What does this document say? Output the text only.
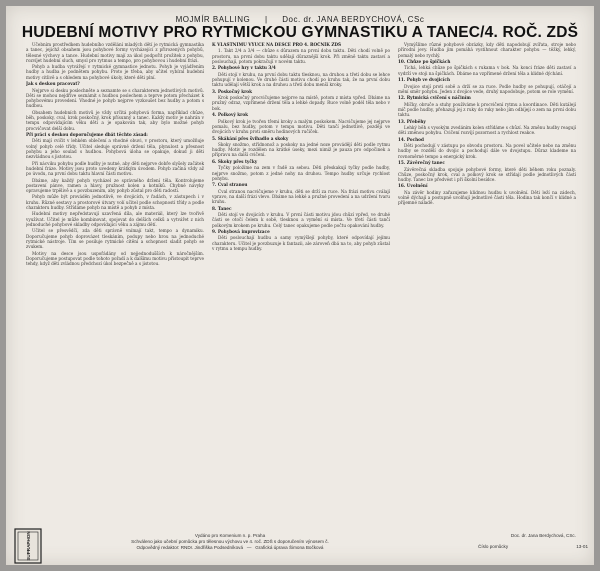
MOJMÍR BALLING | Doc. dr. JANA BERDYCHOVÁ, CSc
HUDEBNÍ MOTIVY PRO RYTMICKOU GYMNASTIKU A TANEC/4. ROČ. ZDŠ

Učebním prostředkem hudebního vzdělání mladých dětí je rytmická gymnastika a tanec, jejichž obsahem jsou pohybové formy vycházející z přirozených pohybů, tělesné výchovy a tance. Hudební motivy mají za úkol podpořit prožitek z pohybu, rozvíjet hudební sluch, smysl pro rytmus a tempo, pro pohybovou i hudební frázi.

Pohyb a hudba vytvářejí v rytmické gymnastice jednotu. Pohyb je vyjádřením hudby a hudba je podnětem pohybu. Proto je třeba, aby učitel vybíral hudební motivy citlivě a s ohledem na pohybové úkoly, které děti plní.

Jak s deskou pracovat?

Nejprve si desku poslechněte a seznamte se s charakterem jednotlivých motivů. Děti se mohou nejdříve seznámit s hudbou poslechem a teprve potom přecházet k pohybovému provedení. Vhodné je pohyb nejprve vyzkoušet bez hudby a potom s hudbou.

Obsahem hudebních motivů je vždy určitá pohybová forma, například chůze, běh, poskoky, cval, krok poskočný, krok přísunný a tanec. Každý motiv je nahrán v tempu odpovídajícím věku dětí a je opakován tak, aby bylo možné pohyb procvičovat delší dobu.

Při práci s deskou doporučujeme dbát těchto zásad:

Děti mají cvičit v lehkém oblečení a vhodné obuvi, v prostoru, který umožňuje volný pohyb celé třídy. Učitel sleduje správné držení těla, plynulost a přesnost pohybu a jeho soulad s hudbou. Pohybová úloha se opakuje, dokud ji děti nezvládnou s jistotou.

Při nácviku pohybu podle hudby je nutné, aby děti nejprve dobře slyšely začátek hudební fráze. Motivy jsou proto uvedeny krátkým úvodem. Pohyb začíná vždy až po úvodu, na první dobu taktu hlavní části motivu.

Dbáme, aby každý pohyb vycházel ze správného držení těla. Kontrolujeme postavení pánve, ramen a hlavy, pružnost kolen a kotníků. Chybné návyky opravujeme trpělivě a s povzbuzením, aby pohyb zůstal pro děti radostí.

Pohyb může být prováděn jednotlivě, ve dvojicích, v řadách, v zástupech i v kruhu. Různé sestavy a prostorové útvary volí učitel podle schopností třídy a podle charakteru hudby. Střídáme pohyb na místě a pohyb z místa.

Hudební motivy nepředstavují uzavřená díla, ale materiál, který lze tvořivě využívat. Učitel je může kombinovat, spojovat do delších celků a vytvářet z nich jednoduché pohybové skladby odpovídající věku a zájmu dětí.

Učitel se přesvědčí, zda děti správně vnímají takt, tempo a dynamiku. Doporučujeme pohyb doprovázet tleskáním, podupy nebo hrou na jednoduché rytmické nástroje. Tím se posiluje rytmické cítění a schopnost sladit pohyb se zvukem.

Motivy na desce jsou uspořádány od nejjednodušších k náročnějším. Doporučujeme postupovat podle tohoto pořadí a k dalšímu motivu přistoupit teprve tehdy, když děti zvládnou předchozí úkol bezpečně a s jistotou.

K VLASTNÍMU VÝUCE NA DESCE PRO 4. ROČNÍK ZDŠ

1. Takt 2/4 a 3/4 — chůze s důrazem na první dobu taktu. Děti chodí volně po prostoru, na první dobu taktu udělají důraznější krok. Při změně taktu zastaví a poslouchají, potom pokračují v novém taktu.

2. Pohybové hry v taktu 3/4

Děti stojí v kruhu, na první dobu taktu tlesknou, na druhou a třetí dobu se lehce pohupují v kolenou. Ve druhé části motivu chodí po kruhu tak, že na první dobu taktu udělají větší krok a na druhou a třetí dobu menší kroky.

3. Poskočný krok

Krok poskočný procvičujeme nejprve na místě, potom z místa vpřed. Dbáme na pružný odraz, vzpřímené držení těla a lehké dopady. Ruce volně podél těla nebo v bok.

4. Polkový krok

Polkový krok je tvořen třemi kroky a malým poskokem. Nacvičujeme jej nejprve pomalu, bez hudby, potom v tempu motivu. Děti tančí jednotlivě, později ve dvojicích v kruhu proti směru hodinových ručiček.

5. Skákání přes švihadlo a skoky

Skoky snožmo, střídnonož a poskoky na jedné noze provádějí děti podle rytmu hudby. Motiv je rozdělen na krátké úseky, mezi nimiž je pauza pro odpočinek a přípravu na další cvičení.

6. Skoky přes tyčky

Tyčky položíme na zem v řadě za sebou. Děti přeskakují tyčky podle hudby, nejprve snožmo, potom z jedné nohy na druhou. Tempo hudby určuje rychlost pohybu.

7. Cval stranou

Cval stranou nacvičujeme v kruhu, děti se drží za ruce. Na frázi motivu cválají vpravo, na další frázi vlevo. Dbáme na lehké a pružné provedení a na udržení tvaru kruhu.

8. Tanec

Děti stojí ve dvojicích v kruhu. V první části motivu jdou chůzí vpřed, ve druhé části se otočí čelem k sobě, tlesknou a vymění si místa. Ve třetí části tančí polkovým krokem po kruhu. Celý tanec opakujeme podle počtu opakování hudby.

9. Pohybová improvizace

Děti poslouchají hudbu a samy vymýšlejí pohyby, které odpovídají jejímu charakteru. Učitel je povzbuzuje k fantazii, ale zároveň dbá na to, aby pohyb zůstal v rytmu a tempu hudby.

Vymýšlíme různé pohybové obrázky, kdy děti napodobují zvířata, stroje nebo přírodní jevy. Hudba jim pomáhá vystihnout charakter pohybu — těžký, lehký, pomalý nebo rychlý.

10. Chůze po špičkách

Tichá, lehká chůze po špičkách s rukama v bok. Na konci fráze děti zastaví a vydrží ve stoji na špičkách. Dbáme na vzpřímené držení těla a klidné dýchání.

11. Pohyb ve dvojicích

Dvojice stojí proti sobě a drží se za ruce. Podle hudby se pohupují, otáčejí a mění směr pohybu. Jeden z dvojice vede, druhý napodobuje, potom se role vymění.

12. Rytmická cvičení s náčiním

Míčky, obruče a stuhy používáme k procvičení rytmu a koordinace. Děti kutálejí míč podle hudby, přehazují jej z ruky do ruky nebo jím odbíjejí o zem na první dobu taktu.

13. Přeběhy

Lehký běh s vysokým zvedáním kolen střídáme s chůzí. Na změnu hudby reagují děti změnou pohybu. Cvičení rozvíjí pozornost a rychlost reakce.

14. Pochod

Děti pochodují v zástupu po obvodu prostoru. Na povel učitele nebo na změnu hudby se rozdělí do dvojic a pochodují dále ve dvojstupu. Důraz klademe na rovnoměrné tempo a energický krok.

15. Závěrečný tanec

Závěrečná skladba spojuje pohybové formy, které děti během roku poznaly. Chůze, poskočný krok, cval a polkový krok se střídají podle jednotlivých částí hudby. Tanec lze předvést i při školní besídce.

16. Uvolnění

Na závěr hodiny zařazujeme klidnou hudbu k uvolnění. Děti leží na zádech, volně dýchají a postupně uvolňují jednotlivé části těla. Hodina tak končí v klidné a příjemné náladě.

Doc. dr. Jana Berdychová, CSc.
SUPRAPHON	Vydáno pro Komenium n. p. Praha
Schváleno jako učební pomůcka pro tělesnou výchovu ve 4. roč. ZDŠ s doporučením výnosem č.
Odpovědný redaktor: RNDr. Jindřiška Podsedníková   —   Grafická úprava Šimona Bočková	Číslo pomůcky	13-01
